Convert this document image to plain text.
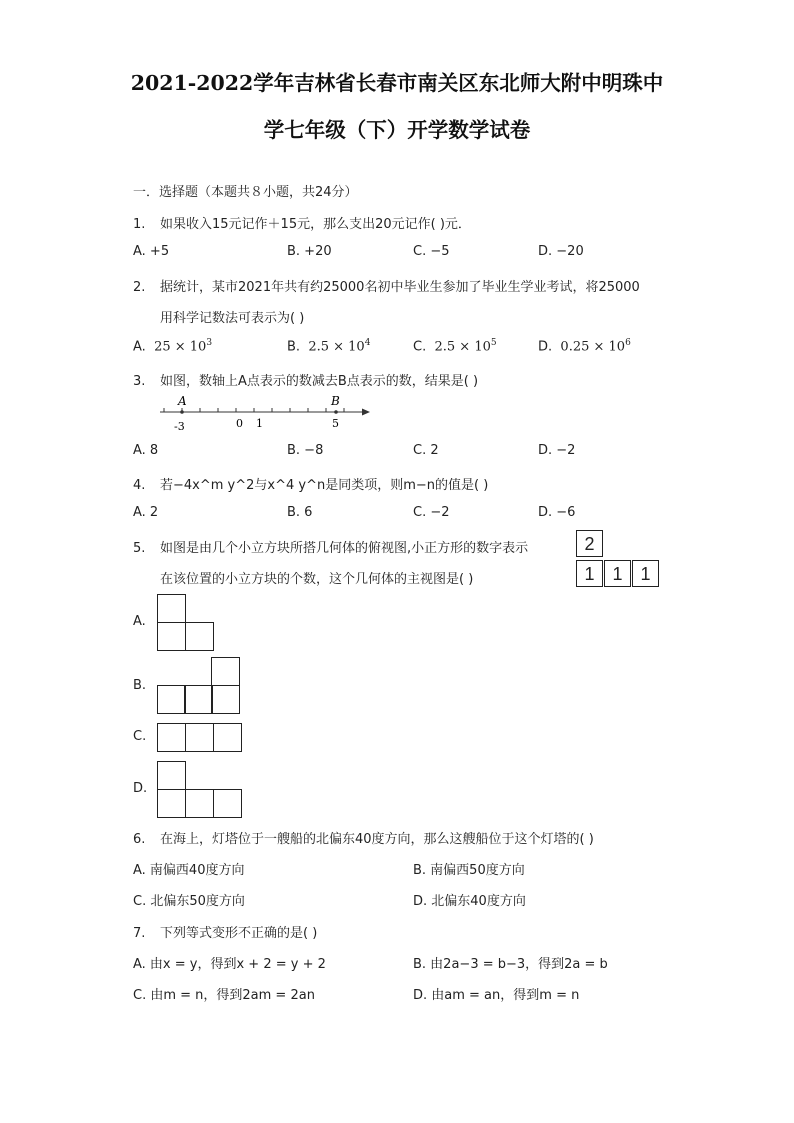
2021-2022学年吉林省长春市南关区东北师大附中明珠中
学七年级（下）开学数学试卷
一．选择题（本题共８小题，共24分）
1. 如果收入15元记作＋15元，那么支出20元记作( )元．
A. +5	B. +20	C. −5	D. −20
2. 据统计，某市2021年共有约25000名初中毕业生参加了毕业生学业考试，将25000
用科学记数法可表示为( )
A. $25 \times 10^3$	B. $2.5 \times 10^4$	C. $2.5 \times 10^5$	D. $0.25 \times 10^6$
3. 如图，数轴上A点表示的数减去B点表示的数，结果是( )
A	B
-3	0 1	5
A. 8	B. −8	C. 2	D. −2
4. 若−4x^m y^2与x^4 y^n是同类项，则m−n的值是( )
A. 2	B. 6	C. −2	D. −6
5. 如图是由几个小立方块所搭几何体的俯视图,小正方形的数字表示
在该位置的小立方块的个数，这个几何体的主视图是( )
2
1 1 1
A.
B.
C.
D.
6. 在海上，灯塔位于一艘船的北偏东40度方向，那么这艘船位于这个灯塔的( )
A. 南偏西40度方向	B. 南偏西50度方向
C. 北偏东50度方向	D. 北偏东40度方向
7. 下列等式变形不正确的是( )
A. 由x = y，得到x + 2 = y + 2	B. 由2a−3 = b−3，得到2a = b
C. 由m = n，得到2am = 2an	D. 由am = an，得到m = n
